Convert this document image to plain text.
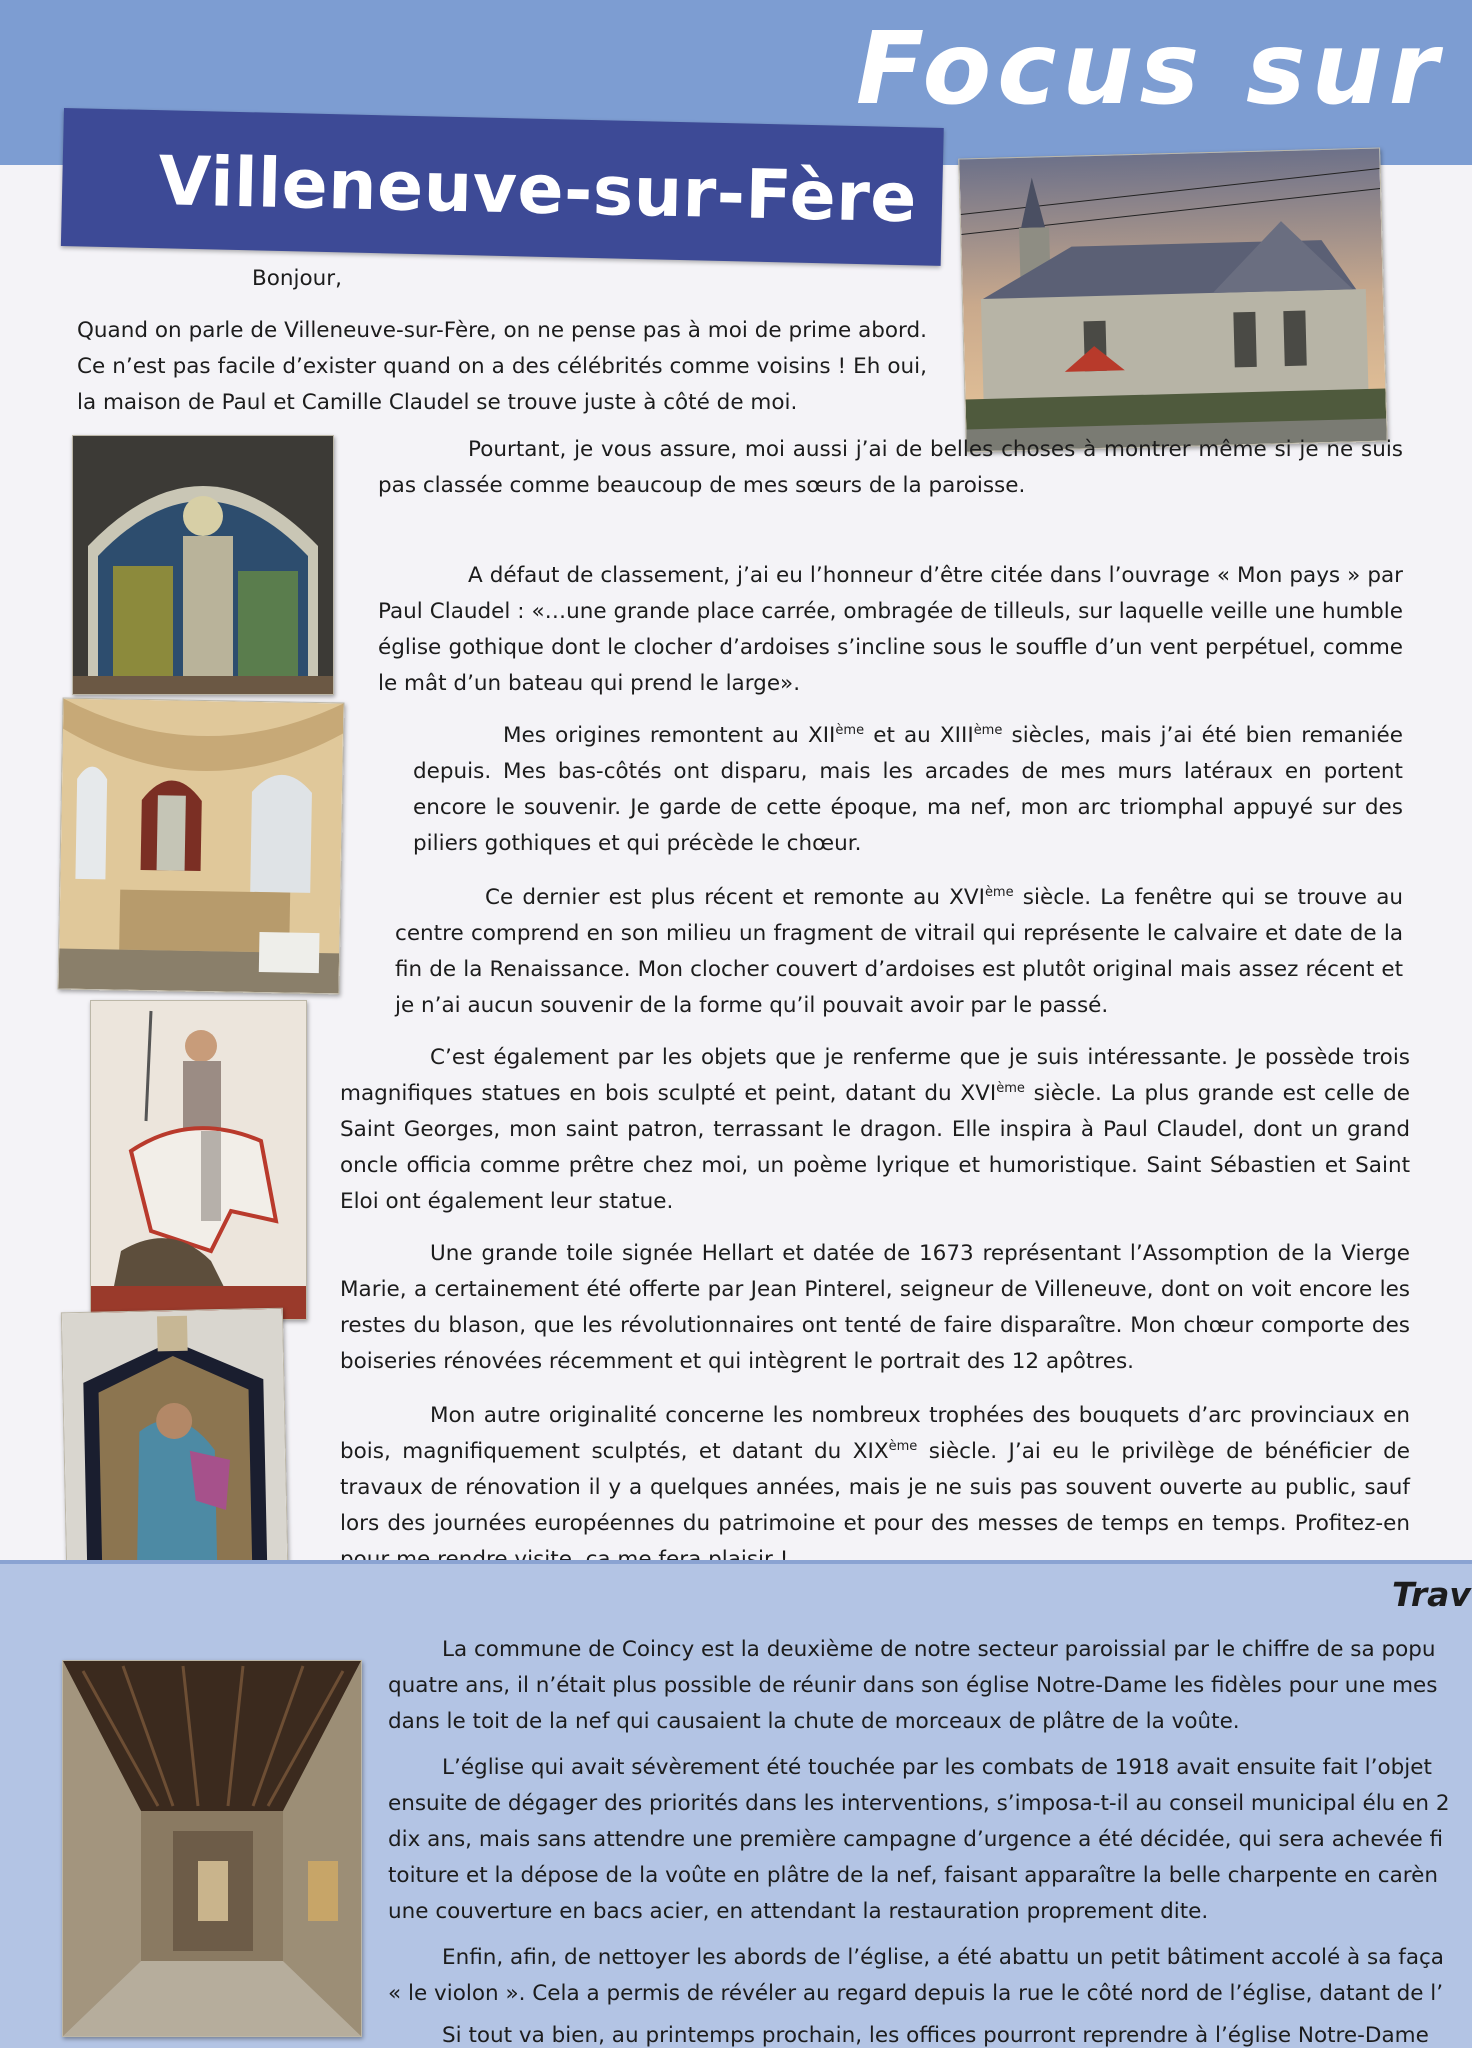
Focus sur
Villeneuve-sur-Fère

Bonjour,

Quand on parle de Villeneuve-sur-Fère, on ne pense pas à moi de prime abord. Ce n’est pas facile d’exister quand on a des célébrités comme voisins ! Eh oui, la maison de Paul et Camille Claudel se trouve juste à côté de moi.

Pourtant, je vous assure, moi aussi j’ai de belles choses à montrer même si je ne suis pas classée comme beaucoup de mes sœurs de la paroisse.

A défaut de classement, j’ai eu l’honneur d’être citée dans l’ouvrage « Mon pays » par Paul Claudel : «…une grande place carrée, ombragée de tilleuls, sur laquelle veille une humble église gothique dont le clocher d’ardoises s’incline sous le souffle d’un vent perpétuel, comme le mât d’un bateau qui prend le large».

Mes origines remontent au XIIème et au XIIIème siècles, mais j’ai été bien remaniée depuis. Mes bas-côtés ont disparu, mais les arcades de mes murs latéraux en portent encore le souvenir. Je garde de cette époque, ma nef, mon arc triomphal appuyé sur des piliers gothiques et qui précède le chœur.

Ce dernier est plus récent et remonte au XVIème siècle. La fenêtre qui se trouve au centre comprend en son milieu un fragment de vitrail qui représente le calvaire et date de la fin de la Renaissance. Mon clocher couvert d’ardoises est plutôt original mais assez récent et je n’ai aucun souvenir de la forme qu’il pouvait avoir par le passé.

C’est également par les objets que je renferme que je suis intéressante. Je possède trois magnifiques statues en bois sculpté et peint, datant du XVIème siècle. La plus grande est celle de Saint Georges, mon saint patron, terrassant le dragon. Elle inspira à Paul Claudel, dont un grand oncle officia comme prêtre chez moi, un poème lyrique et humoristique. Saint Sébastien et Saint Eloi ont également leur statue.

Une grande toile signée Hellart et datée de 1673 représentant l’Assomption de la Vierge Marie, a certainement été offerte par Jean Pinterel, seigneur de Villeneuve, dont on voit encore les restes du blason, que les révolutionnaires ont tenté de faire disparaître. Mon chœur comporte des boiseries rénovées récemment et qui intègrent le portrait des 12 apôtres.

Mon autre originalité concerne les nombreux trophées des bouquets d’arc provinciaux en bois, magnifiquement sculptés, et datant du XIXème siècle. J’ai eu le privilège de bénéficier de travaux de rénovation il y a quelques années, mais je ne suis pas souvent ouverte au public, sauf lors des journées européennes du patrimoine et pour des messes de temps en temps. Profitez-en

Trav

La commune de Coincy est la deuxième de notre secteur paroissial par le chiffre de sa popu

quatre ans, il n’était plus possible de réunir dans son église Notre-Dame les fidèles pour une mes

dans le toit de la nef qui causaient la chute de morceaux de plâtre de la voûte.

L’église qui avait sévèrement été touchée par les combats de 1918 avait ensuite fait l’objet

ensuite de dégager des priorités dans les interventions, s’imposa-t-il au conseil municipal élu en 2

dix ans, mais sans attendre une première campagne d’urgence a été décidée, qui sera achevée fi

toiture et la dépose de la voûte en plâtre de la nef, faisant apparaître la belle charpente en carèn

une couverture en bacs acier, en attendant la restauration proprement dite.

Enfin, afin, de nettoyer les abords de l’église, a été abattu un petit bâtiment accolé à sa faça

« le violon ». Cela a permis de révéler au regard depuis la rue le côté nord de l’église, datant de l’

Si tout va bien, au printemps prochain, les offices pourront reprendre à l’église Notre-Dame
